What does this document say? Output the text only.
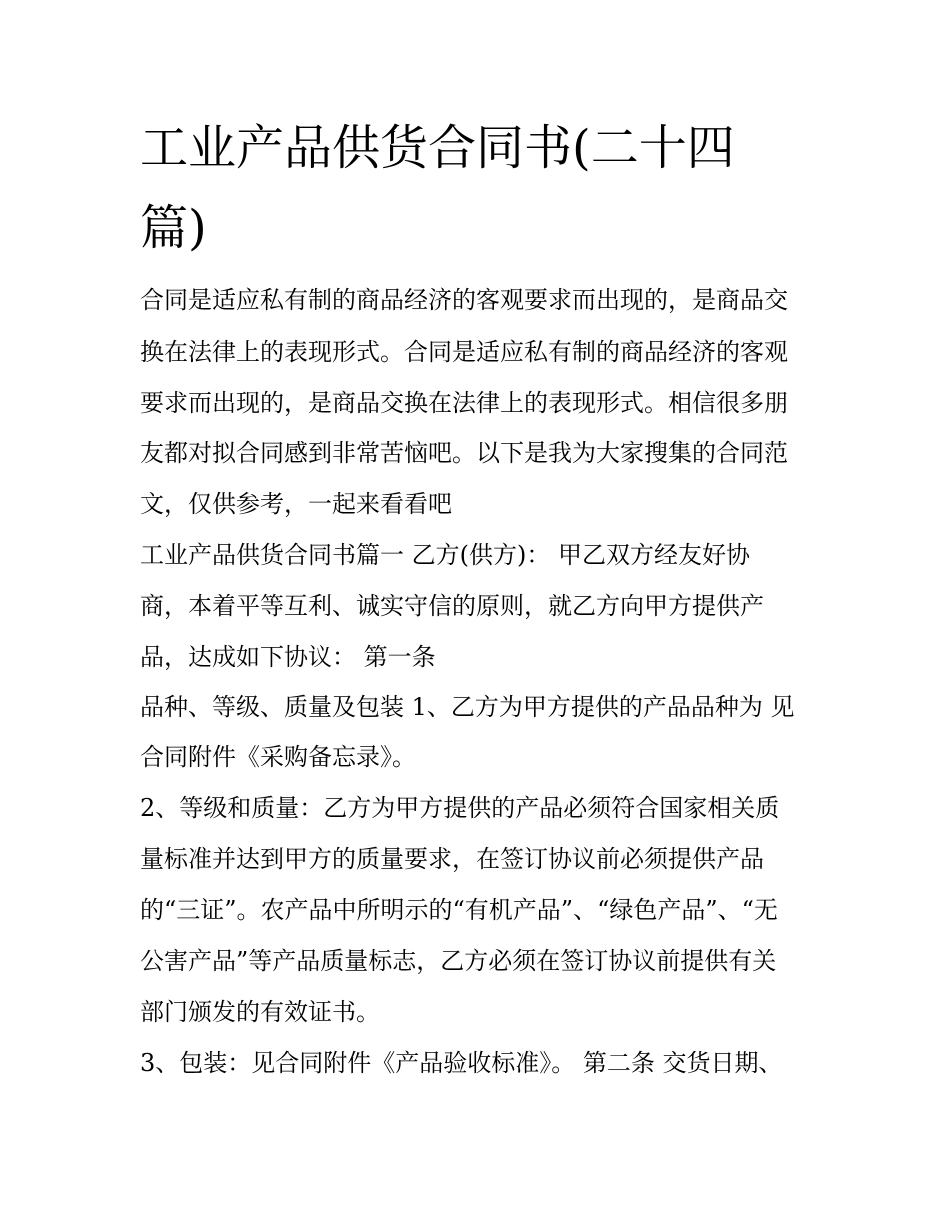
工业产品供货合同书(二十四
篇)

合同是适应私有制的商品经济的客观要求而出现的，是商品交

换在法律上的表现形式。合同是适应私有制的商品经济的客观

要求而出现的，是商品交换在法律上的表现形式。相信很多朋

友都对拟合同感到非常苦恼吧。以下是我为大家搜集的合同范

文，仅供参考，一起来看看吧

工业产品供货合同书篇一 乙方(供方)： 甲乙双方经友好协

商，本着平等互利、诚实守信的原则，就乙方向甲方提供产

品，达成如下协议： 第一条

品种、等级、质量及包装 1、乙方为甲方提供的产品品种为 见

合同附件《采购备忘录》。

2、等级和质量：乙方为甲方提供的产品必须符合国家相关质

量标准并达到甲方的质量要求，在签订协议前必须提供产品

的“三证”。农产品中所明示的“有机产品”、“绿色产品”、“无

公害产品”等产品质量标志，乙方必须在签订协议前提供有关

部门颁发的有效证书。

3、包装：见合同附件《产品验收标准》。 第二条 交货日期、
